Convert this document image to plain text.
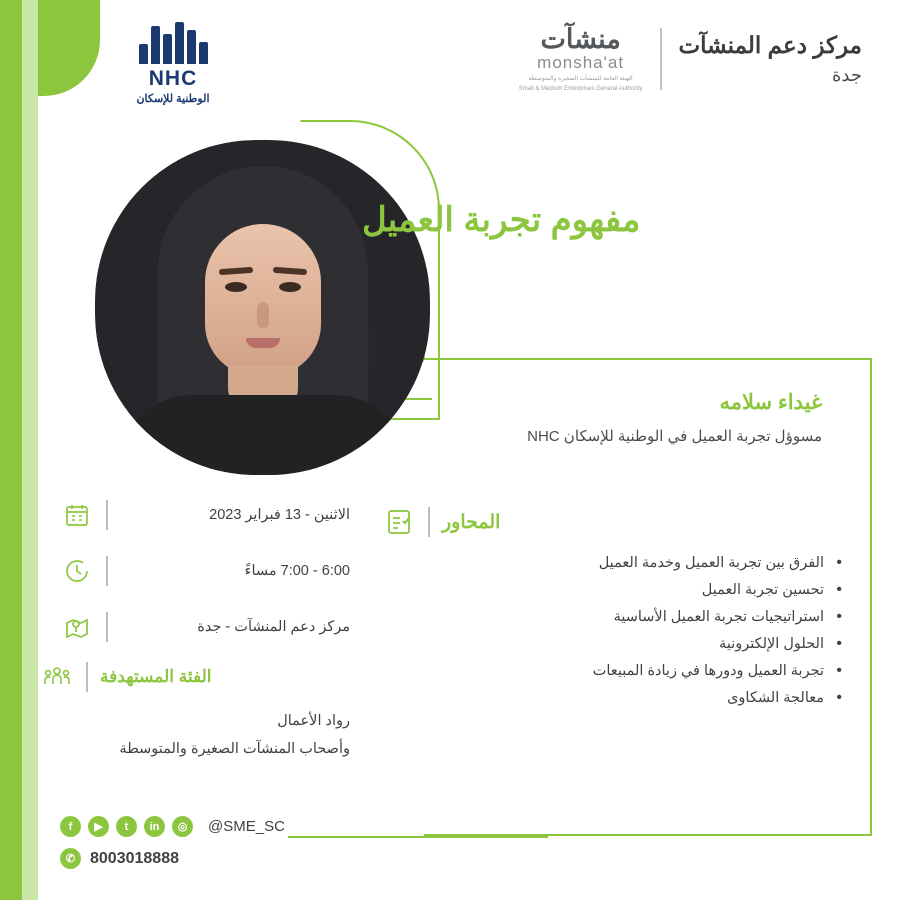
NHC
الوطنية للإسكان
مركز دعم المنشآت
جدة
منشآت
monsha'at
الهيئة العامة للمنشآت الصغيرة والمتوسطة
Small & Medium Enterprises General Authority
مفهوم تجربة العميل
غيداء سلامه
مسوؤل تجربة العميل في الوطنية للإسكان NHC
المحاور
• الفرق بين تجربة العميل وخدمة العميل
• تحسين تجربة العميل
• استراتيجيات تجربة العميل الأساسية
• الحلول الإلكترونية
• تجربة العميل ودورها في زيادة المبيعات
• معالجة الشكاوى
الاثنين - 13 فبراير 2023
6:00 - 7:00 مساءً
مركز دعم المنشآت - جدة
الفئة المستهدفة
رواد الأعمال
وأصحاب المنشآت الصغيرة والمتوسطة
f	▶	t	in	◎	@SME_SC
✆ 8003018888
